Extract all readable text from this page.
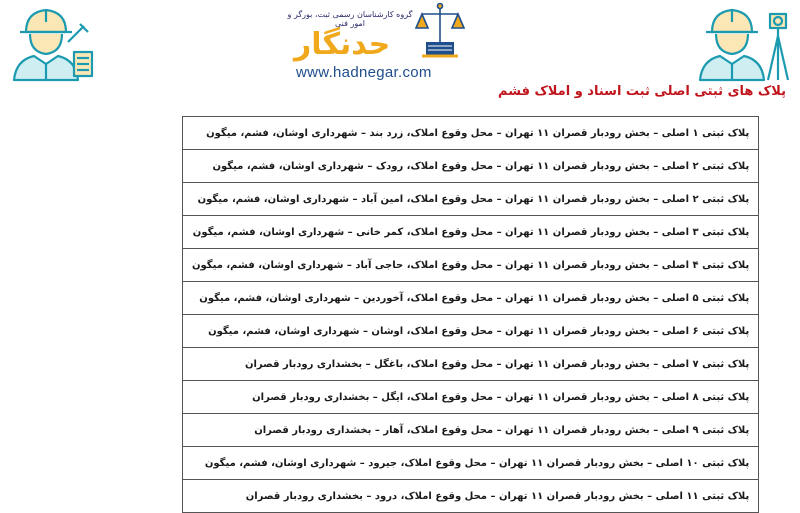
گروه کارشناسان رسمی ثبت، بورگر و امور فنی
حدنگار
www.hadnegar.com
پلاک های ثبتی اصلی ثبت اسناد و املاک فشم
پلاک ثبتی ۱ اصلی – بخش رودبار قصران ۱۱ تهران – محل وقوع املاک، زرد بند – شهرداری اوشان، فشم، میگون
پلاک ثبتی ۲ اصلی – بخش رودبار قصران ۱۱ تهران – محل وقوع املاک، رودک – شهرداری اوشان، فشم، میگون
پلاک ثبتی ۲ اصلی – بخش رودبار قصران ۱۱ تهران – محل وقوع املاک، امین آباد – شهرداری اوشان، فشم، میگون
پلاک ثبتی ۳ اصلی – بخش رودبار قصران ۱۱ تهران – محل وقوع املاک، کمر خانی – شهرداری اوشان، فشم، میگون
پلاک ثبتی ۴ اصلی – بخش رودبار قصران ۱۱ تهران – محل وقوع املاک، حاجی آباد – شهرداری اوشان، فشم، میگون
پلاک ثبتی ۵ اصلی – بخش رودبار قصران ۱۱ تهران – محل وقوع املاک، آخوردین – شهرداری اوشان، فشم، میگون
پلاک ثبتی ۶ اصلی – بخش رودبار قصران ۱۱ تهران – محل وقوع املاک، اوشان – شهرداری اوشان، فشم، میگون
پلاک ثبتی ۷ اصلی – بخش رودبار قصران ۱۱ تهران – محل وقوع املاک، باغگل – بخشداری رودبار قصران
پلاک ثبتی ۸ اصلی – بخش رودبار قصران ۱۱ تهران – محل وقوع املاک، ایگل – بخشداری رودبار قصران
پلاک ثبتی ۹ اصلی – بخش رودبار قصران ۱۱ تهران – محل وقوع املاک، آهار – بخشداری رودبار قصران
پلاک ثبتی ۱۰ اصلی – بخش رودبار قصران ۱۱ تهران – محل وقوع املاک، جیرود – شهرداری اوشان، فشم، میگون
پلاک ثبتی ۱۱ اصلی – بخش رودبار قصران ۱۱ تهران – محل وقوع املاک، درود – بخشداری رودبار قصران
